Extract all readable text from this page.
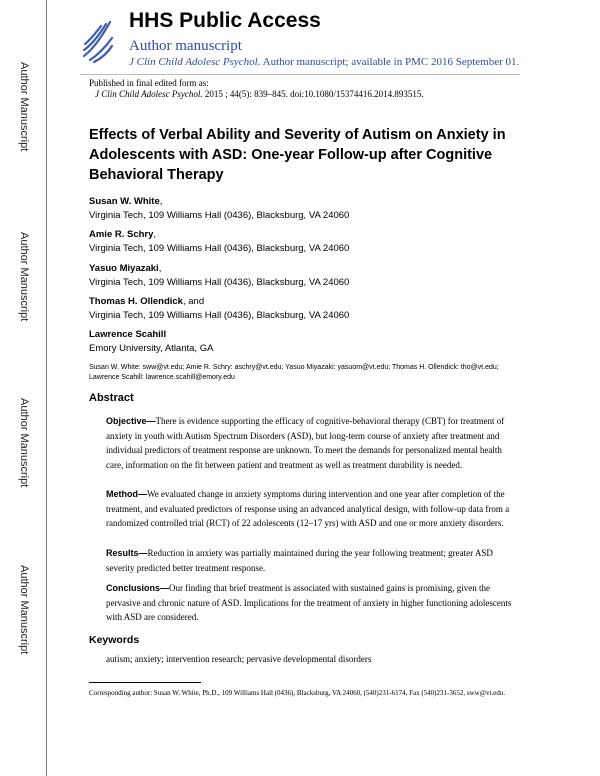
Author Manuscript
Author Manuscript
Author Manuscript
Author Manuscript
HHS Public Access
Author manuscript
J Clin Child Adolesc Psychol. Author manuscript; available in PMC 2016 September 01.
Published in final edited form as:
J Clin Child Adolesc Psychol. 2015 ; 44(5): 839–845. doi:10.1080/15374416.2014.893515.
Effects of Verbal Ability and Severity of Autism on Anxiety in Adolescents with ASD: One-year Follow-up after Cognitive Behavioral Therapy
Susan W. White,
Virginia Tech, 109 Williams Hall (0436), Blacksburg, VA 24060
Amie R. Schry,
Virginia Tech, 109 Williams Hall (0436), Blacksburg, VA 24060
Yasuo Miyazaki,
Virginia Tech, 109 Williams Hall (0436), Blacksburg, VA 24060
Thomas H. Ollendick, and
Virginia Tech, 109 Williams Hall (0436), Blacksburg, VA 24060
Lawrence Scahill
Emory University, Atlanta, GA
Susan W. White: sww@vt.edu; Amie R. Schry: aschry@vt.edu; Yasuo Miyazaki: yasuom@vt.edu; Thomas H. Ollendick: tho@vt.edu; Lawrence Scahill: lawrence.scahill@emory.edu
Abstract
Objective—There is evidence supporting the efficacy of cognitive-behavioral therapy (CBT) for treatment of anxiety in youth with Autism Spectrum Disorders (ASD), but long-term course of anxiety after treatment and individual predictors of treatment response are unknown. To meet the demands for personalized mental health care, information on the fit between patient and treatment as well as treatment durability is needed.
Method—We evaluated change in anxiety symptoms during intervention and one year after completion of the treatment, and evaluated predictors of response using an advanced analytical design, with follow-up data from a randomized controlled trial (RCT) of 22 adolescents (12–17 yrs) with ASD and one or more anxiety disorders.
Results—Reduction in anxiety was partially maintained during the year following treatment; greater ASD severity predicted better treatment response.
Conclusions—Our finding that brief treatment is associated with sustained gains is promising, given the pervasive and chronic nature of ASD. Implications for the treatment of anxiety in higher functioning adolescents with ASD are considered.
Keywords
autism; anxiety; intervention research; pervasive developmental disorders
Corresponding author: Susan W. White, Ph.D., 109 Williams Hall (0436), Blacksburg, VA 24060, (540)231-6174, Fax (540)231-3652, sww@vt.edu.
